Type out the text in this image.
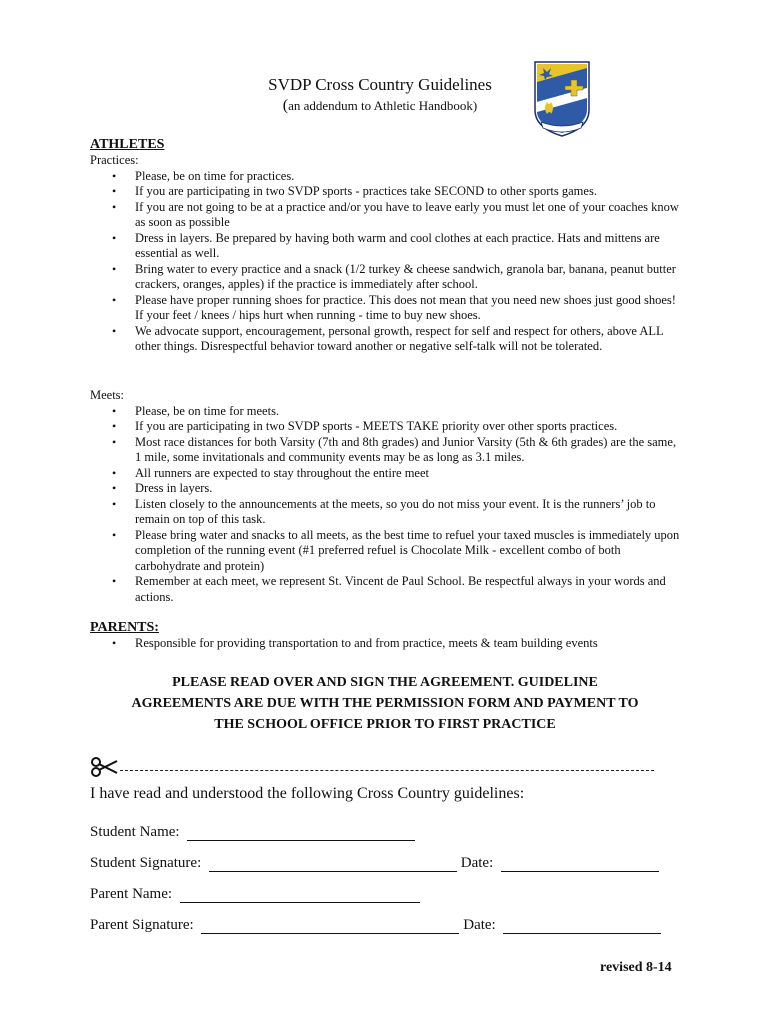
SVDP Cross Country Guidelines
(an addendum to Athletic Handbook)
ATHLETES
Practices:
• Please, be on time for practices.
• If you are participating in two SVDP sports - practices take SECOND to other sports games.
• If you are not going to be at a practice and/or you have to leave early you must let one of your coaches know as soon as possible
• Dress in layers. Be prepared by having both warm and cool clothes at each practice. Hats and mittens are essential as well.
• Bring water to every practice and a snack (1/2 turkey & cheese sandwich, granola bar, banana, peanut butter crackers, oranges, apples) if the practice is immediately after school.
• Please have proper running shoes for practice. This does not mean that you need new shoes just good shoes! If your feet / knees / hips hurt when running - time to buy new shoes.
• We advocate support, encouragement, personal growth, respect for self and respect for others, above ALL other things. Disrespectful behavior toward another or negative self-talk will not be tolerated.
Meets:
• Please, be on time for meets.
• If you are participating in two SVDP sports - MEETS TAKE priority over other sports practices.
• Most race distances for both Varsity (7th and 8th grades) and Junior Varsity (5th & 6th grades) are the same, 1 mile, some invitationals and community events may be as long as 3.1 miles.
• All runners are expected to stay throughout the entire meet
• Dress in layers.
• Listen closely to the announcements at the meets, so you do not miss your event. It is the runners’ job to remain on top of this task.
• Please bring water and snacks to all meets, as the best time to refuel your taxed muscles is immediately upon completion of the running event (#1 preferred refuel is Chocolate Milk - excellent combo of both carbohydrate and protein)
• Remember at each meet, we represent St. Vincent de Paul School. Be respectful always in your words and actions.
PARENTS:
• Responsible for providing transportation to and from practice, meets & team building events
PLEASE READ OVER AND SIGN THE AGREEMENT. GUIDELINE
AGREEMENTS ARE DUE WITH THE PERMISSION FORM AND PAYMENT TO
THE SCHOOL OFFICE PRIOR TO FIRST PRACTICE
I have read and understood the following Cross Country guidelines:
Student Name:
Student Signature:	Date:
Parent Name:
Parent Signature:	Date:
revised 8-14
